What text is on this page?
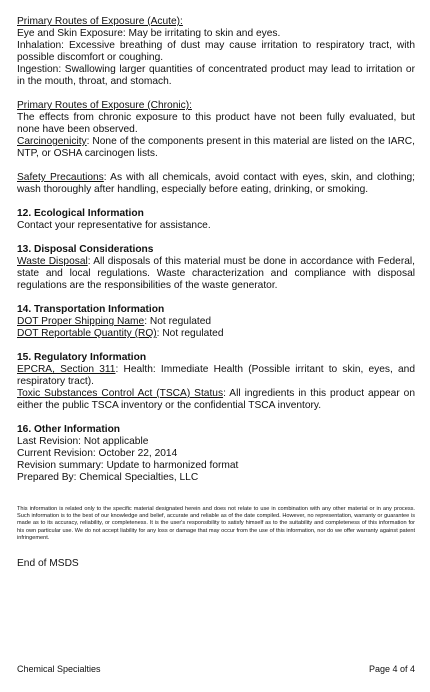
Primary Routes of Exposure (Acute):
Eye and Skin Exposure: May be irritating to skin and eyes.
Inhalation: Excessive breathing of dust may cause irritation to respiratory tract, with possible discomfort or coughing.
Ingestion: Swallowing larger quantities of concentrated product may lead to irritation or in the mouth, throat, and stomach.
Primary Routes of Exposure (Chronic):
The effects from chronic exposure to this product have not been fully evaluated, but none have been observed.
Carcinogenicity: None of the components present in this material are listed on the IARC, NTP, or OSHA carcinogen lists.
Safety Precautions: As with all chemicals, avoid contact with eyes, skin, and clothing; wash thoroughly after handling, especially before eating, drinking, or smoking.
12. Ecological Information
Contact your representative for assistance.
13. Disposal Considerations
Waste Disposal: All disposals of this material must be done in accordance with Federal, state and local regulations. Waste characterization and compliance with disposal regulations are the responsibilities of the waste generator.
14. Transportation Information
DOT Proper Shipping Name: Not regulated
DOT Reportable Quantity (RQ): Not regulated
15. Regulatory Information
EPCRA, Section 311: Health: Immediate Health (Possible irritant to skin, eyes, and respiratory tract).
Toxic Substances Control Act (TSCA) Status: All ingredients in this product appear on either the public TSCA inventory or the confidential TSCA inventory.
16. Other Information
Last Revision: Not applicable
Current Revision: October 22, 2014
Revision summary: Update to harmonized format
Prepared By: Chemical Specialties, LLC
This information is related only to the specific material designated herein and does not relate to use in combination with any other material or in any process. Such information is to the best of our knowledge and belief, accurate and reliable as of the date compiled. However, no representation, warranty or guarantee is made as to its accuracy, reliability, or completeness. It is the user's responsibility to satisfy himself as to the suitability and completeness of this information for his own particular use. We do not accept liability for any loss or damage that may occur from the use of this information, nor do we offer warranty against patent infringement.
End of MSDS
Chemical Specialties	Page 4 of 4
